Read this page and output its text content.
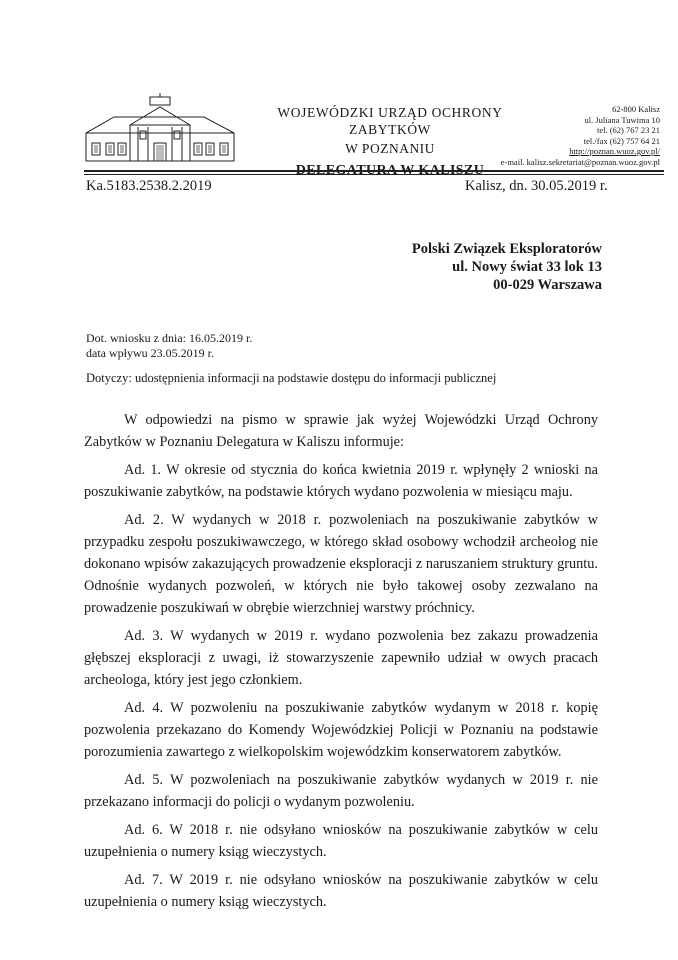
WOJEWÓDZKI URZĄD OCHRONY ZABYTKÓW
W POZNANIU
DELEGATURA W KALISZU
62-800 Kalisz
ul. Juliana Tuwima 10
tel. (62) 767 23 21
tel./fax (62) 757 64 21
http://poznan.wuoz.gov.pl/
e-mail. kalisz.sekretariat@poznan.wuoz.gov.pl
Ka.5183.2538.2.2019	Kalisz, dn. 30.05.2019 r.
Polski Związek Eksploratorów
ul. Nowy świat 33 lok 13
00-029 Warszawa
Dot. wniosku z dnia: 16.05.2019 r.
data wpływu 23.05.2019 r.
Dotyczy: udostępnienia informacji na podstawie dostępu do informacji publicznej

W odpowiedzi na pismo w sprawie jak wyżej Wojewódzki Urząd Ochrony Zabytków w Poznaniu Delegatura w Kaliszu informuje:

Ad. 1. W okresie od stycznia do końca kwietnia 2019 r. wpłynęły 2 wnioski na poszukiwanie zabytków, na podstawie których wydano pozwolenia w miesiącu maju.

Ad. 2. W wydanych w 2018 r. pozwoleniach na poszukiwanie zabytków w przypadku zespołu poszukiwawczego, w którego skład osobowy wchodził archeolog nie dokonano wpisów zakazujących prowadzenie eksploracji z naruszaniem struktury gruntu. Odnośnie wydanych pozwoleń, w których nie było takowej osoby zezwalano na prowadzenie poszukiwań w obrębie wierzchniej warstwy próchnicy.

Ad. 3. W wydanych w 2019 r. wydano pozwolenia bez zakazu prowadzenia głębszej eksploracji z uwagi, iż stowarzyszenie zapewniło udział w owych pracach archeologa, który jest jego członkiem.

Ad. 4. W pozwoleniu na poszukiwanie zabytków wydanym w 2018 r. kopię pozwolenia przekazano do Komendy Wojewódzkiej Policji w Poznaniu na podstawie porozumienia zawartego z wielkopolskim wojewódzkim konserwatorem zabytków.

Ad. 5. W pozwoleniach na poszukiwanie zabytków wydanych w 2019 r. nie przekazano informacji do policji o wydanym pozwoleniu.

Ad. 6. W 2018 r. nie odsyłano wniosków na poszukiwanie zabytków w celu uzupełnienia o numery ksiąg wieczystych.

Ad. 7. W 2019 r. nie odsyłano wniosków na poszukiwanie zabytków w celu uzupełnienia o numery ksiąg wieczystych.
